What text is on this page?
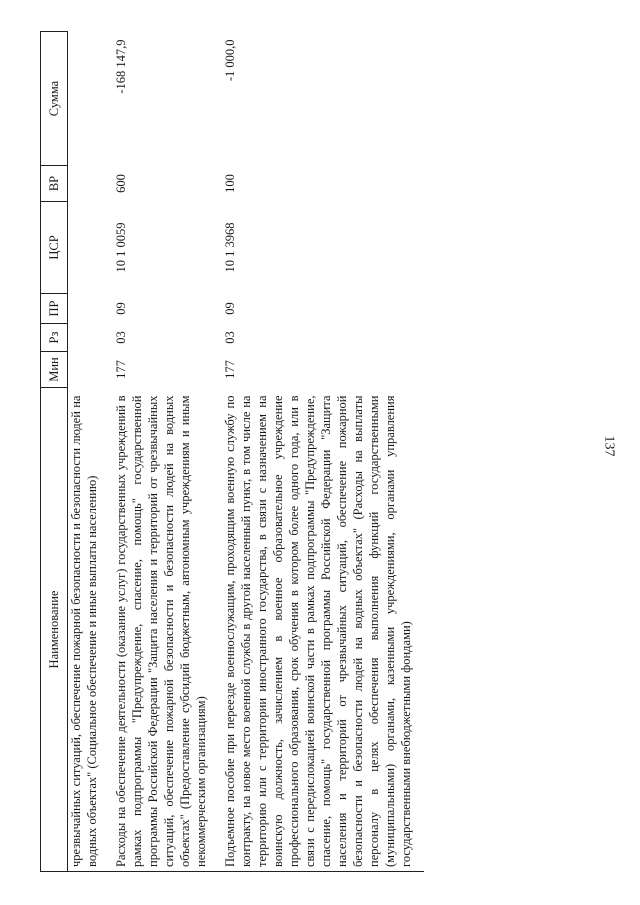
137
Наименование	Мин	Рз	ПР	ЦСР	ВР	Сумма
чрезвычайных ситуаций, обеспечение пожарной безопасности и безопасности людей на водных объектах" (Социальное обеспечение и иные выплаты населению)						
Расходы на обеспечение деятельности (оказание услуг) государственных учреждений в рамках подпрограммы "Предупреждение, спасение, помощь" государственной программы Российской Федерации "Защита населения и территорий от чрезвычайных ситуаций, обеспечение пожарной безопасности и безопасности людей на водных объектах" (Предоставление субсидий бюджетным, автономным учреждениям и иным некоммерческим организациям)	177	03	09	10 1 0059	600	-168 147,9
Подъемное пособие при переезде военнослужащим, проходящим военную службу по контракту, на новое место военной службы в другой населенный пункт, в том числе на территорию или с территории иностранного государства, в связи с назначением на воинскую должность, зачислением в военное образовательное учреждение профессионального образования, срок обучения в котором более одного года, или в связи с передислокацией воинской части в рамках подпрограммы "Предупреждение, спасение, помощь" государственной программы Российской Федерации "Защита населения и территорий от чрезвычайных ситуаций, обеспечение пожарной безопасности и безопасности людей на водных объектах" (Расходы на выплаты персоналу в целях обеспечения выполнения функций государственными (муниципальными) органами, казенными учреждениями, органами управления государственными внебюджетными фондами)	177	03	09	10 1 3968	100	-1 000,0
